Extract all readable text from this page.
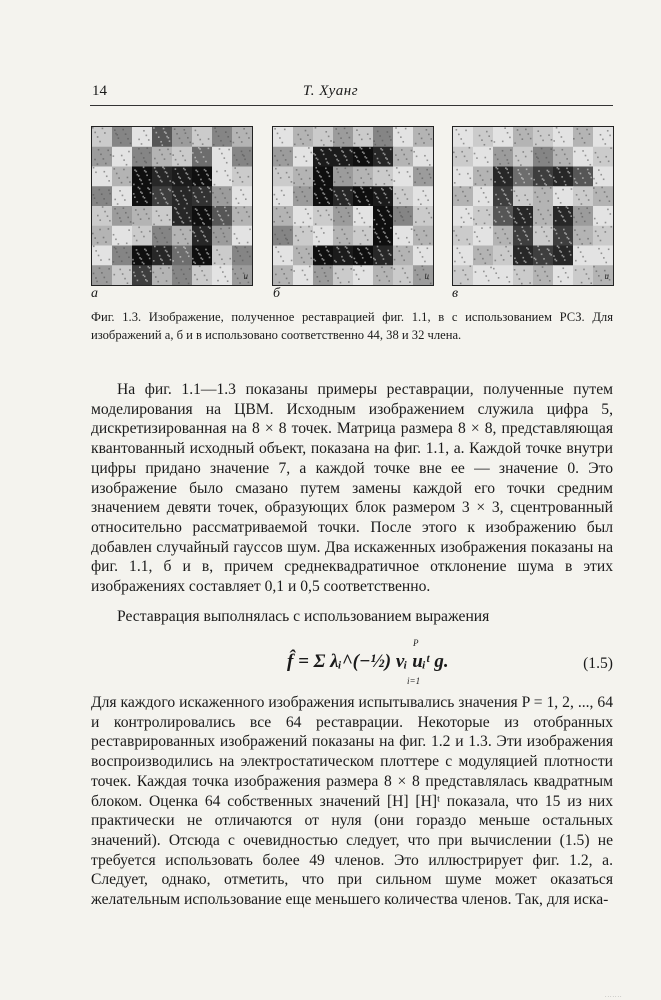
14	Т. Хуанг
и	и	и
а	б	в
Фиг. 1.3. Изображение, полученное реставрацией фиг. 1.1, в с использованием РСЗ. Для изображений а, б и в использовано соответственно 44, 38 и 32 члена.

На фиг. 1.1—1.3 показаны примеры реставрации, полученные путем моделирования на ЦВМ. Исходным изображением служила цифра 5, дискретизированная на 8 × 8 точек. Матрица размера 8 × 8, представляющая квантованный исходный объект, показана на фиг. 1.1, а. Каждой точке внутри цифры придано значение 7, а каждой точке вне ее — значение 0. Это изображение было смазано путем замены каждой его точки средним значением девяти точек, образующих блок размером 3 × 3, сцентрованный относительно рассматриваемой точки. После этого к изображению был добавлен случайный гауссов шум. Два искаженных изображения показаны на фиг. 1.1, б и в, причем среднеквадратичное отклонение шума в этих изображениях составляет 0,1 и 0,5 соответственно.

Реставрация выполнялась с использованием выражения

P
f̂ = Σ λᵢ^(−½) vᵢ uᵢᵗ g.
i=1
(1.5)

Для каждого искаженного изображения испытывались значения P = 1, 2, ..., 64 и контролировались все 64 реставрации. Некоторые из отобранных реставрированных изображений показаны на фиг. 1.2 и 1.3. Эти изображения воспроизводились на электростатическом плоттере с модуляцией плотности точек. Каждая точка изображения размера 8 × 8 представлялась квадратным блоком. Оценка 64 собственных значений [H] [H]ᵗ показала, что 15 из них практически не отличаются от нуля (они гораздо меньше остальных значений). Отсюда с очевидностью следует, что при вычислении (1.5) не требуется использовать более 49 членов. Это иллюстрирует фиг. 1.2, а. Следует, однако, отметить, что при сильном шуме может оказаться желательным использование еще меньшего количества членов. Так, для иска-

.......
